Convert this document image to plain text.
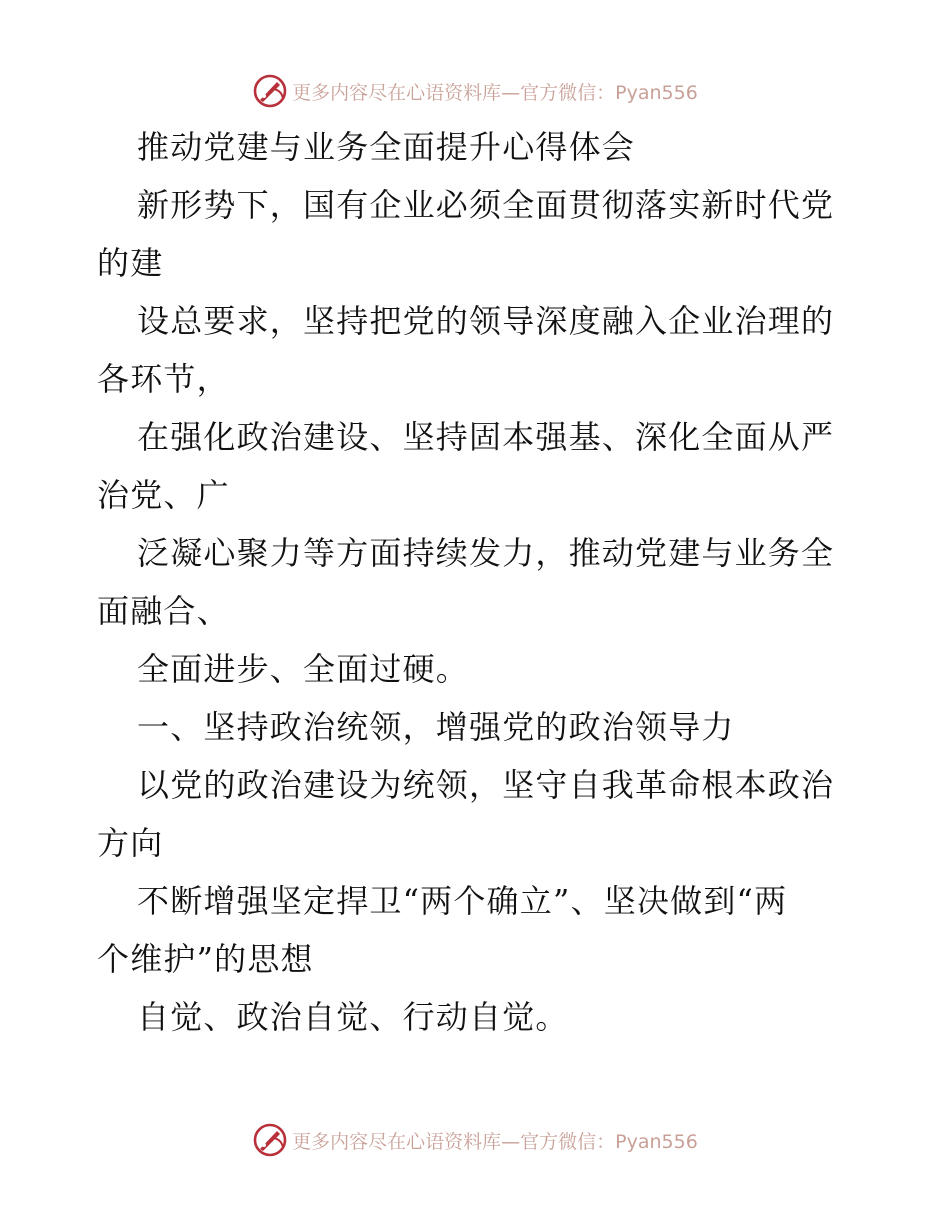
更多内容尽在心语资料库—官方微信：Pyan556
推动党建与业务全面提升心得体会
新形势下，国有企业必须全面贯彻落实新时代党
的建
设总要求，坚持把党的领导深度融入企业治理的
各环节，
在强化政治建设、坚持固本强基、深化全面从严
治党、广
泛凝心聚力等方面持续发力，推动党建与业务全
面融合、
全面进步、全面过硬。
一、坚持政治统领，增强党的政治领导力
以党的政治建设为统领，坚守自我革命根本政治
方向
不断增强坚定捍卫“两个确立”、坚决做到“两
个维护”的思想
自觉、政治自觉、行动自觉。
更多内容尽在心语资料库—官方微信：Pyan556
